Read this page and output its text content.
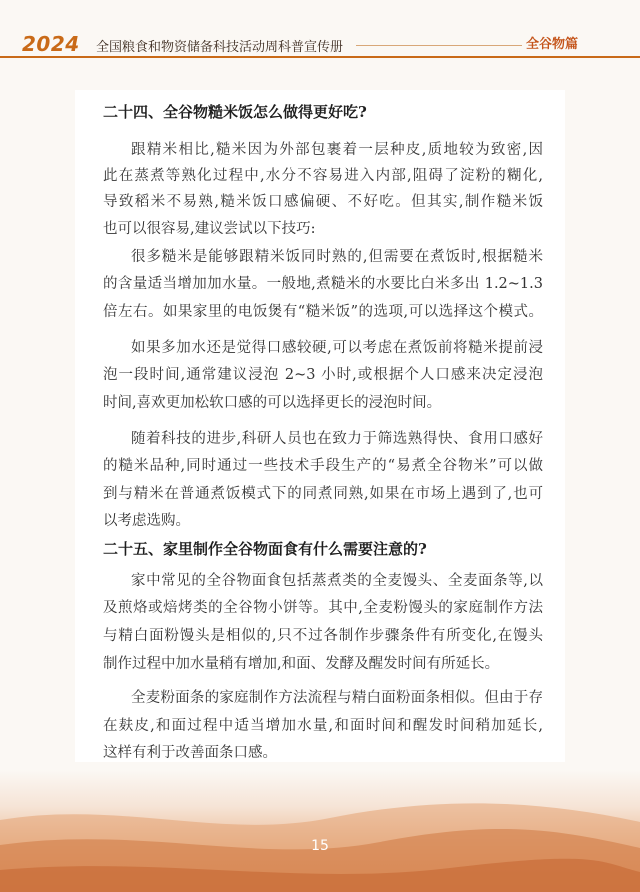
2024 全国粮食和物资储备科技活动周科普宣传册	全谷物篇
二十四、全谷物糙米饭怎么做得更好吃?
跟精米相比,糙米因为外部包裹着一层种皮,质地较为致密,因
此在蒸煮等熟化过程中,水分不容易进入内部,阻碍了淀粉的糊化,
导致稻米不易熟,糙米饭口感偏硬、不好吃。但其实,制作糙米饭
也可以很容易,建议尝试以下技巧:
很多糙米是能够跟精米饭同时熟的,但需要在煮饭时,根据糙米
的含量适当增加加水量。一般地,煮糙米的水要比白米多出 1.2~1.3
倍左右。如果家里的电饭煲有“糙米饭”的选项,可以选择这个模式。
如果多加水还是觉得口感较硬,可以考虑在煮饭前将糙米提前浸
泡一段时间,通常建议浸泡 2~3 小时,或根据个人口感来决定浸泡
时间,喜欢更加松软口感的可以选择更长的浸泡时间。
随着科技的进步,科研人员也在致力于筛选熟得快、食用口感好
的糙米品种,同时通过一些技术手段生产的“易煮全谷物米”可以做
到与精米在普通煮饭模式下的同煮同熟,如果在市场上遇到了,也可
以考虑选购。
二十五、家里制作全谷物面食有什么需要注意的?
家中常见的全谷物面食包括蒸煮类的全麦馒头、全麦面条等,以
及煎烙或焙烤类的全谷物小饼等。其中,全麦粉馒头的家庭制作方法
与精白面粉馒头是相似的,只不过各制作步骤条件有所变化,在馒头
制作过程中加水量稍有增加,和面、发酵及醒发时间有所延长。
全麦粉面条的家庭制作方法流程与精白面粉面条相似。但由于存
在麸皮,和面过程中适当增加水量,和面时间和醒发时间稍加延长,
这样有利于改善面条口感。
15
